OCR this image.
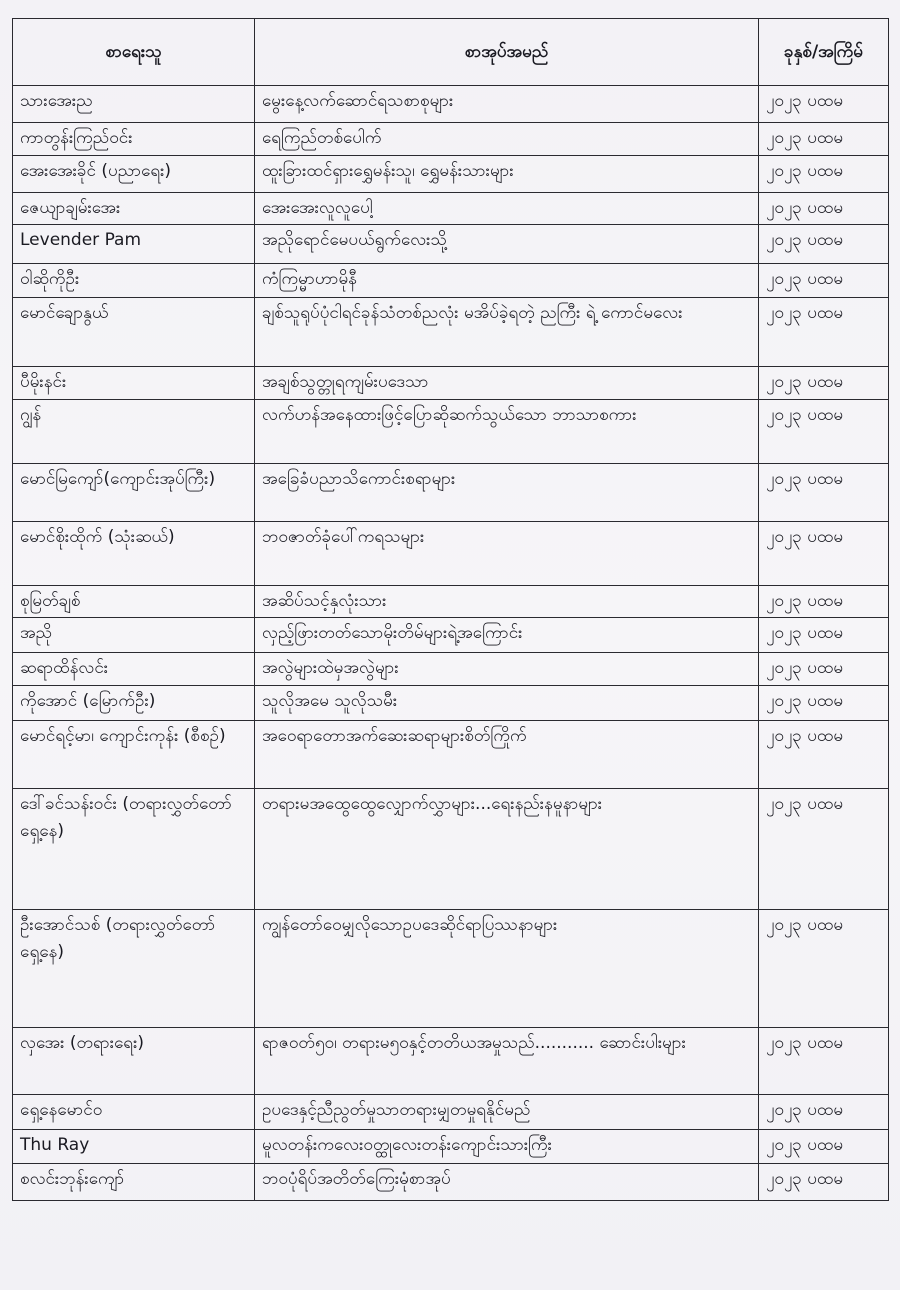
စာရေးသူ	စာအုပ်အမည်	ခုနှစ်/အကြိမ်
သားအေးည	မွေးနေ့လက်ဆောင်ရသစာစုများ	၂၀၂၃ ပထမ
ကာတွန်းကြည်ဝင်း	ရေကြည်တစ်ပေါက်	၂၀၂၃ ပထမ
အေးအေးခိုင် (ပညာရေး)	ထူးခြားထင်ရှားရွှေမန်းသူ၊ ရွှေမန်းသားများ	၂၀၂၃ ပထမ
ဇေယျာချမ်းအေး	အေးအေးလူလူပေါ့	၂၀၂၃ ပထမ
Levender Pam	အညိုရောင်မေပယ်ရွက်လေးသို့	၂၀၂၃ ပထမ
ဝါဆိုကိုဦး	ကံကြမ္မာဟာမိုနီ	၂၀၂၃ ပထမ
မောင်ချောနွယ်	ချစ်သူရုပ်ပုံငါရင်ခုန်သံတစ်ညလုံး မအိပ်ခဲ့ရတဲ့ ညကြီး ရဲ့ ကောင်မလေး	၂၀၂၃ ပထမ
ပီမိုးနင်း	အချစ်သွတ္တုရကျမ်းပဒေသာ	၂၀၂၃ ပထမ
ဂျွန်	လက်ဟန်အနေထားဖြင့်ပြောဆိုဆက်သွယ်သော ဘာသာစကား	၂၀၂၃ ပထမ
မောင်မြကျော်(ကျောင်းအုပ်ကြီး)	အခြေခံပညာသိကောင်းစရာများ	၂၀၂၃ ပထမ
မောင်စိုးထိုက် (သုံးဆယ်)	ဘဝဇာတ်ခုံပေါ်ကရသများ	၂၀၂၃ ပထမ
စုမြတ်ချစ်	အဆိပ်သင့်နှလုံးသား	၂၀၂၃ ပထမ
အညို	လှည့်ဖြားတတ်သောမိုးတိမ်များရဲ့အကြောင်း	၂၀၂၃ ပထမ
ဆရာထိန်လင်း	အလွဲများထဲမှအလွဲများ	၂၀၂၃ ပထမ
ကိုအောင် (မြောက်ဦး)	သူလိုအမေ သူလိုသမီး	၂၀၂၃ ပထမ
မောင်ရင့်မာ၊ ကျောင်းကုန်း (စီစဉ်)	အဝေရာတောအက်ဆေးဆရာများစိတ်ကြိုက်	၂၀၂၃ ပထမ
ဒေါ်ခင်သန်းဝင်း (တရားလွှတ်တော် ရှေ့နေ)	တရားမအထွေထွေလျှောက်လွှာများ...ရေးနည်းနမူနာများ	၂၀၂၃ ပထမ
ဦးအောင်သစ် (တရားလွှတ်တော် ရှေ့နေ)	ကျွန်တော်ဝေမျှလိုသောဥပဒေဆိုင်ရာပြဿနာများ	၂၀၂၃ ပထမ
လှအေး (တရားရေး)	ရာဇဝတ်၅၀၊ တရားမ၅၀နှင့်တတိယအမှုသည်........... ဆောင်းပါးများ	၂၀၂၃ ပထမ
ရှေ့နေမောင်ဝ	ဥပဒေနှင့်ညီညွတ်မှုသာတရားမျှတမှုရနိုင်မည်	၂၀၂၃ ပထမ
Thu Ray	မူလတန်းကလေးဝတ္ထုလေးတန်းကျောင်းသားကြီး	၂၀၂၃ ပထမ
စလင်းဘုန်းကျော်	ဘဝပုံရိပ်အတိတ်ကြေးမုံစာအုပ်	၂၀၂၃ ပထမ
